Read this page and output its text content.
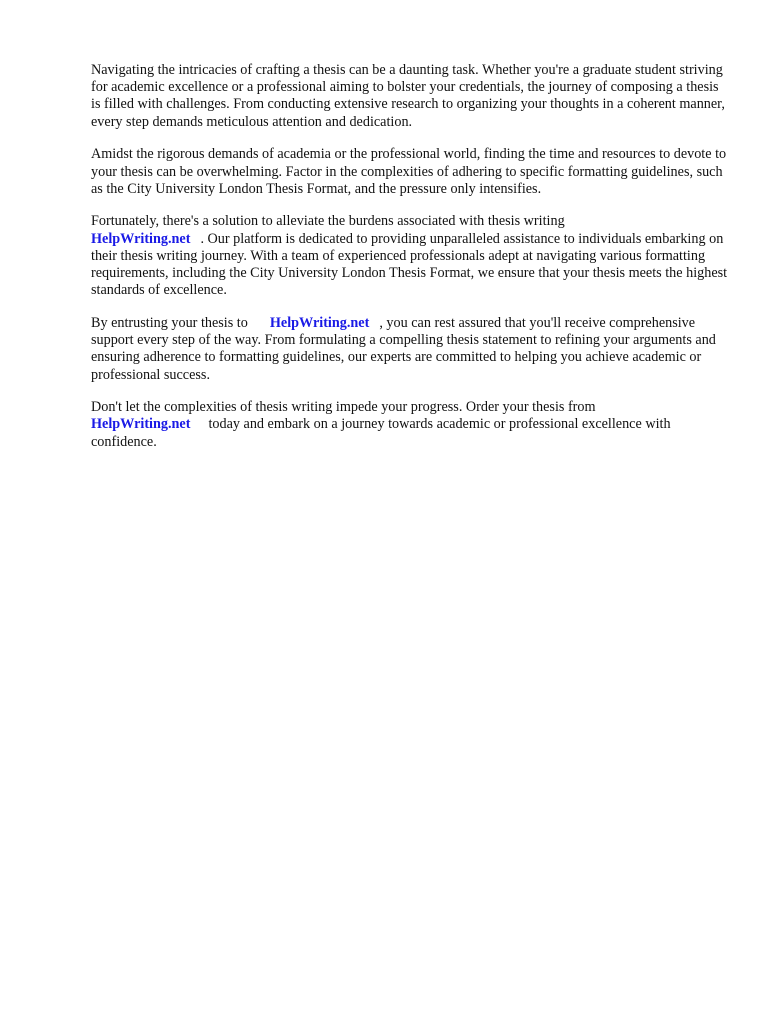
Navigating the intricacies of crafting a thesis can be a daunting task. Whether you're a graduate student striving for academic excellence or a professional aiming to bolster your credentials, the journey of composing a thesis is filled with challenges. From conducting extensive research to organizing your thoughts in a coherent manner, every step demands meticulous attention and dedication.

Amidst the rigorous demands of academia or the professional world, finding the time and resources to devote to your thesis can be overwhelming. Factor in the complexities of adhering to specific formatting guidelines, such as the City University London Thesis Format, and the pressure only intensifies.

Fortunately, there's a solution to alleviate the burdens associated with thesis writing
HelpWriting.net . Our platform is dedicated to providing unparalleled assistance to individuals embarking on their thesis writing journey. With a team of experienced professionals adept at navigating various formatting requirements, including the City University London Thesis Format, we ensure that your thesis meets the highest standards of excellence.

By entrusting your thesis to HelpWriting.net , you can rest assured that you'll receive comprehensive support every step of the way. From formulating a compelling thesis statement to refining your arguments and ensuring adherence to formatting guidelines, our experts are committed to helping you achieve academic or professional success.

Don't let the complexities of thesis writing impede your progress. Order your thesis from
HelpWriting.net today and embark on a journey towards academic or professional excellence with confidence.
